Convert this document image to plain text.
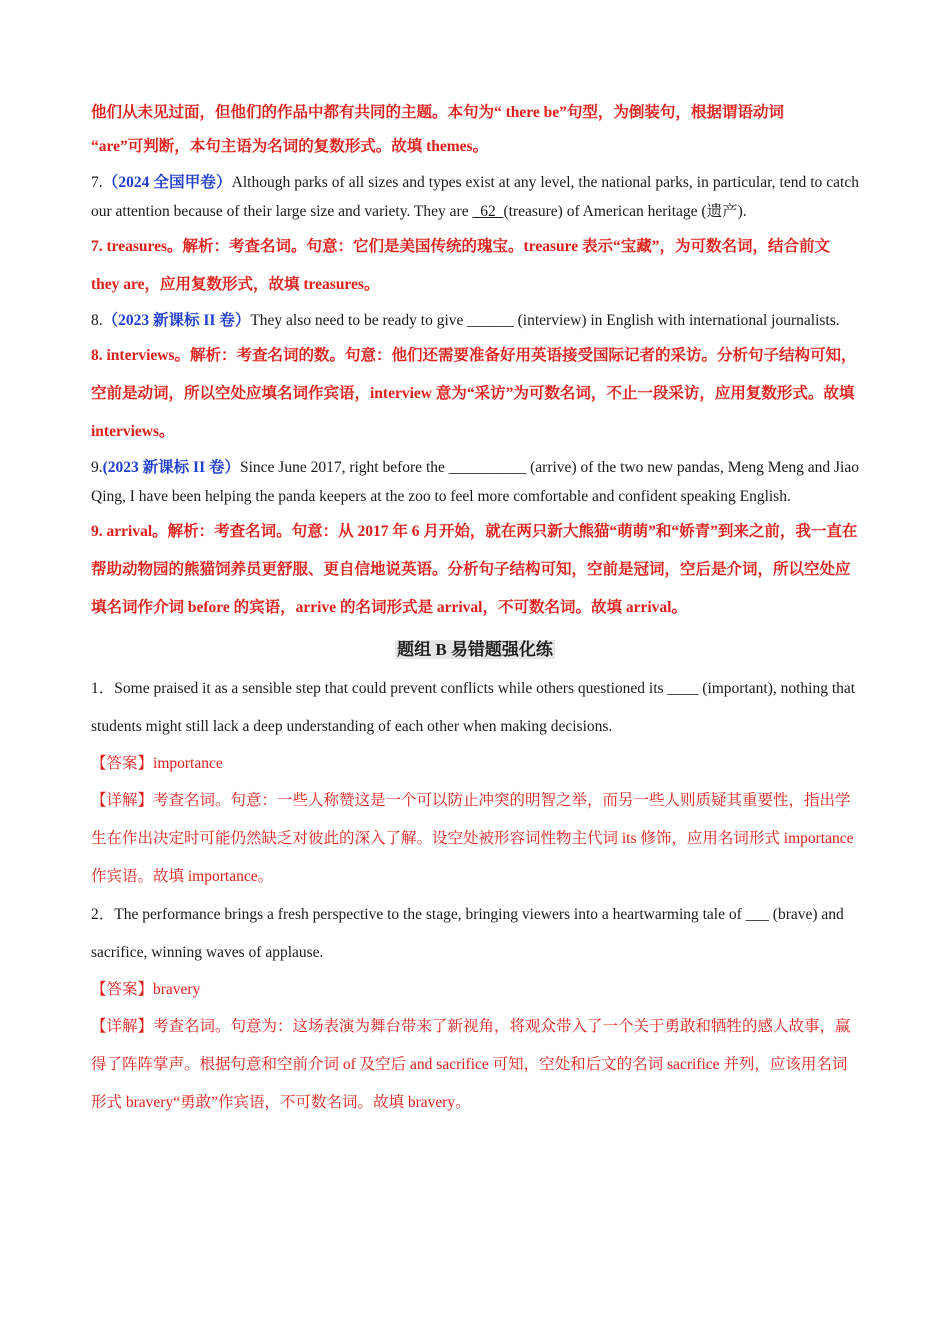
他们从未见过面，但他们的作品中都有共同的主题。本句为“ there be”句型，为倒装句，根据谓语动词

“are”可判断，本句主语为名词的复数形式。故填 themes。

7.（2024 全国甲卷）Although parks of all sizes and types exist at any level, the national parks, in particular, tend to catch our attention because of their large size and variety. They are   62  (treasure) of American heritage (遗产).

7. treasures。解析：考查名词。句意：它们是美国传统的瑰宝。treasure 表示“宝藏”，为可数名词，结合前文 they are，应用复数形式，故填 treasures。

8.（2023 新课标 II 卷）They also need to be ready to give ______ (interview) in English with international journalists.

8. interviews。解析：考查名词的数。句意：他们还需要准备好用英语接受国际记者的采访。分析句子结构可知，空前是动词，所以空处应填名词作宾语，interview 意为“采访”为可数名词，不止一段采访，应用复数形式。故填 interviews。

9.(2023 新课标 II 卷）Since June 2017, right before the __________ (arrive) of the two new pandas, Meng Meng and Jiao Qing, I have been helping the panda keepers at the zoo to feel more comfortable and confident speaking English.

9. arrival。解析：考查名词。句意：从 2017 年 6 月开始，就在两只新大熊猫“萌萌”和“娇青”到来之前，我一直在帮助动物园的熊猫饲养员更舒服、更自信地说英语。分析句子结构可知，空前是冠词，空后是介词，所以空处应填名词作介词 before 的宾语，arrive 的名词形式是 arrival，不可数名词。故填 arrival。

题组 B 易错题强化练

1．Some praised it as a sensible step that could prevent conflicts while others questioned its ____ (important), nothing that students might still lack a deep understanding of each other when making decisions.

【答案】importance

【详解】考查名词。句意：一些人称赞这是一个可以防止冲突的明智之举，而另一些人则质疑其重要性，指出学生在作出决定时可能仍然缺乏对彼此的深入了解。设空处被形容词性物主代词 its 修饰，应用名词形式 importance 作宾语。故填 importance。

2．The performance brings a fresh perspective to the stage, bringing viewers into a heartwarming tale of ___ (brave) and sacrifice, winning waves of applause.

【答案】bravery

【详解】考查名词。句意为：这场表演为舞台带来了新视角，将观众带入了一个关于勇敢和牺牲的感人故事，赢得了阵阵掌声。根据句意和空前介词 of 及空后 and sacrifice 可知，空处和后文的名词 sacrifice 并列，应该用名词形式 bravery“勇敢”作宾语，不可数名词。故填 bravery。
